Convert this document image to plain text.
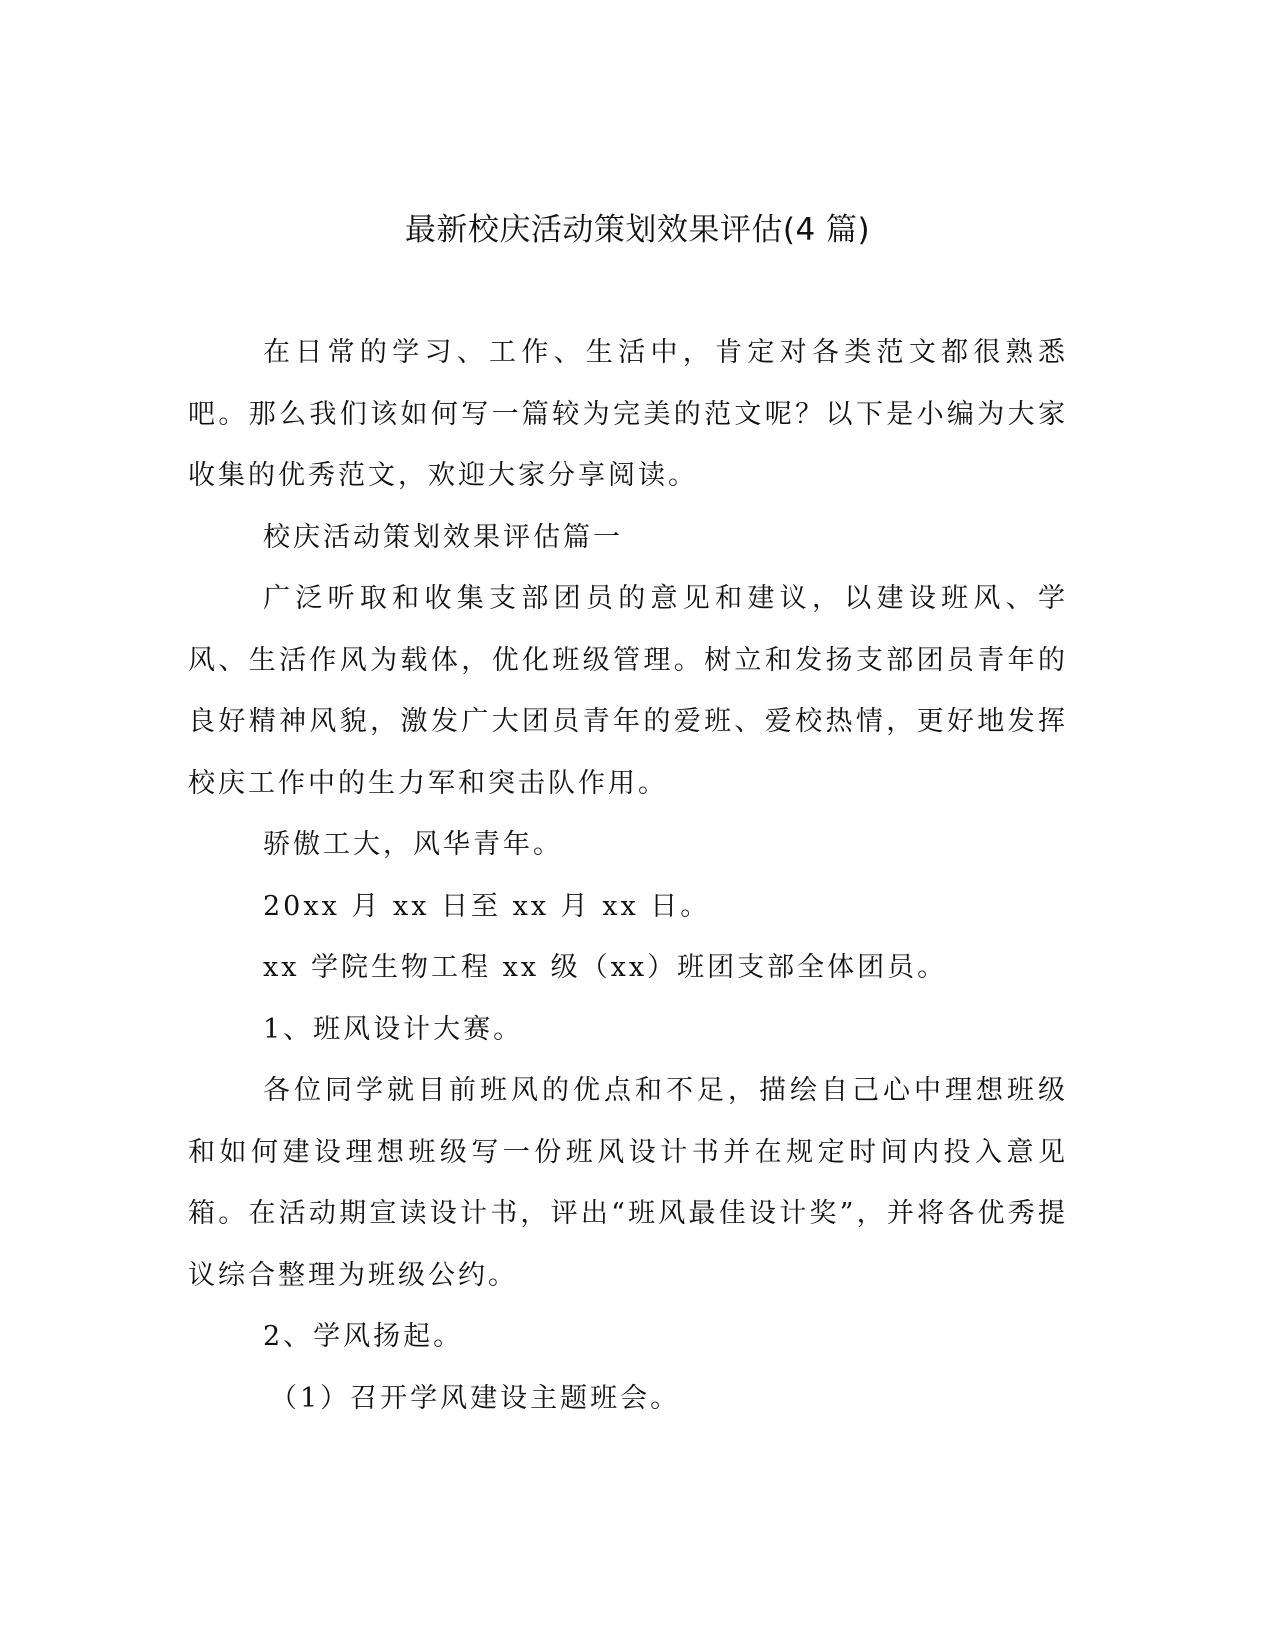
最新校庆活动策划效果评估(4 篇)

在日常的学习、工作、生活中，肯定对各类范文都很熟悉吧。那么我们该如何写一篇较为完美的范文呢？以下是小编为大家收集的优秀范文，欢迎大家分享阅读。

校庆活动策划效果评估篇一

广泛听取和收集支部团员的意见和建议，以建设班风、学风、生活作风为载体，优化班级管理。树立和发扬支部团员青年的良好精神风貌，激发广大团员青年的爱班、爱校热情，更好地发挥校庆工作中的生力军和突击队作用。

骄傲工大，风华青年。

20xx 月 xx 日至 xx 月 xx 日。

xx 学院生物工程 xx 级（xx）班团支部全体团员。

1、班风设计大赛。

各位同学就目前班风的优点和不足，描绘自己心中理想班级和如何建设理想班级写一份班风设计书并在规定时间内投入意见箱。在活动期宣读设计书，评出“班风最佳设计奖”，并将各优秀提议综合整理为班级公约。

2、学风扬起。

（1）召开学风建设主题班会。
